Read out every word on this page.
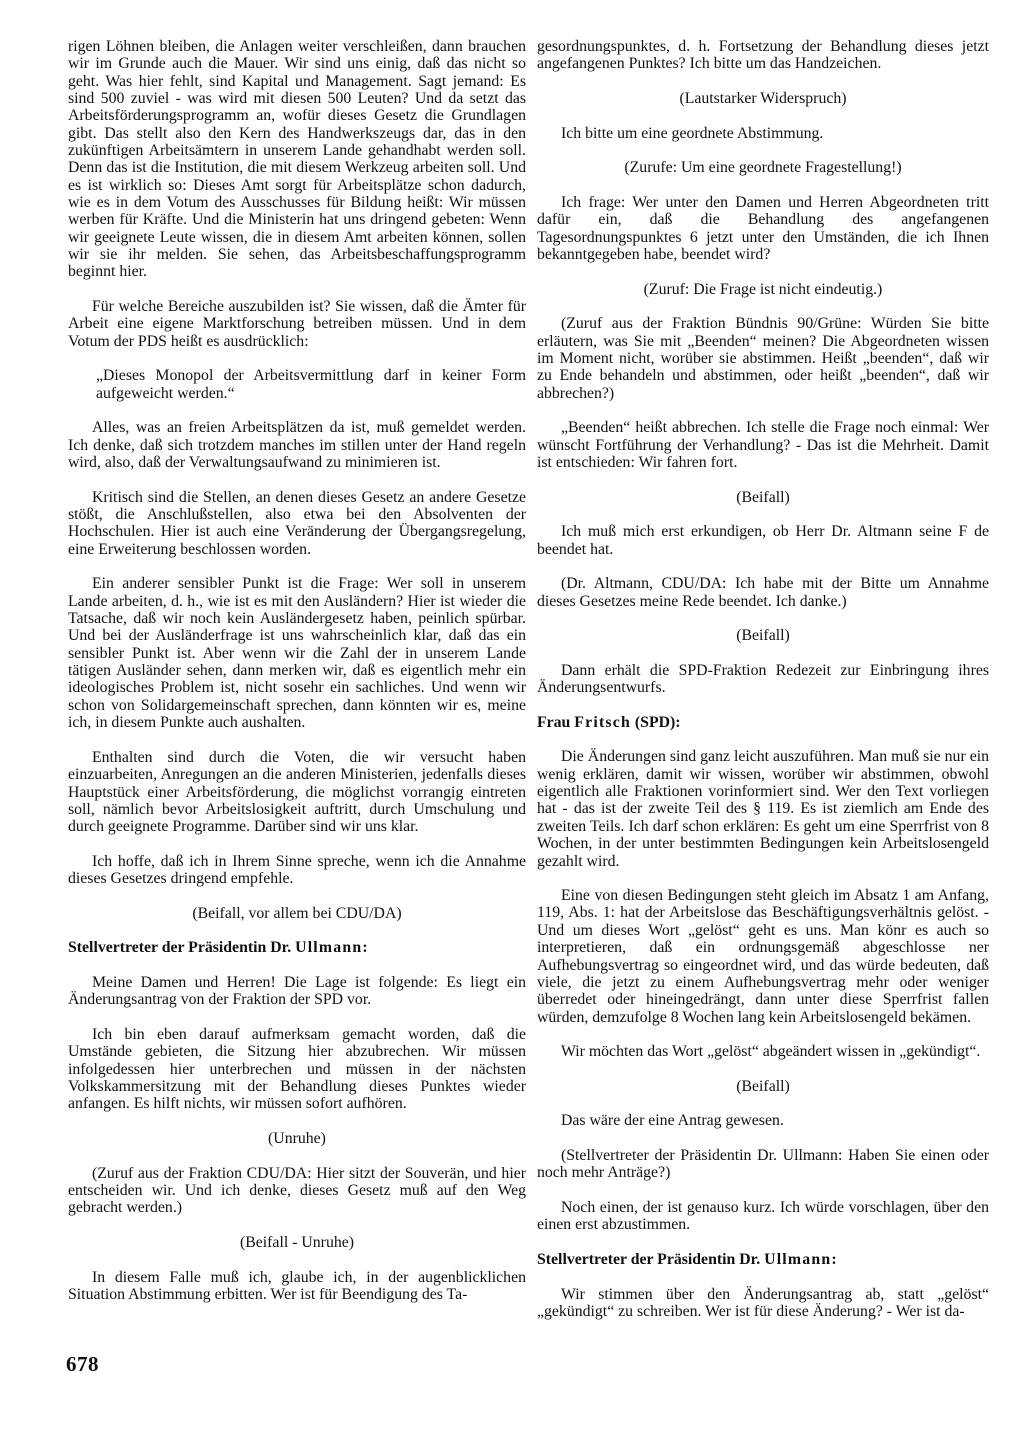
rigen Löhnen bleiben, die Anlagen weiter verschleißen, dann brauchen wir im Grunde auch die Mauer. Wir sind uns einig, daß das nicht so geht. Was hier fehlt, sind Kapital und Management. Sagt jemand: Es sind 500 zuviel - was wird mit diesen 500 Leuten? Und da setzt das Arbeitsförderungsprogramm an, wofür dieses Gesetz die Grundlagen gibt. Das stellt also den Kern des Handwerkszeugs dar, das in den zukünftigen Arbeitsämtern in unserem Lande gehandhabt werden soll. Denn das ist die Institution, die mit diesem Werkzeug arbeiten soll. Und es ist wirklich so: Dieses Amt sorgt für Arbeitsplätze schon dadurch, wie es in dem Votum des Ausschusses für Bildung heißt: Wir müssen werben für Kräfte. Und die Ministerin hat uns dringend gebeten: Wenn wir geeignete Leute wissen, die in diesem Amt arbeiten können, sollen wir sie ihr melden. Sie sehen, das Arbeitsbeschaffungsprogramm beginnt hier.

Für welche Bereiche auszubilden ist? Sie wissen, daß die Ämter für Arbeit eine eigene Marktforschung betreiben müssen. Und in dem Votum der PDS heißt es ausdrücklich:

„Dieses Monopol der Arbeitsvermittlung darf in keiner Form aufgeweicht werden.“

Alles, was an freien Arbeitsplätzen da ist, muß gemeldet werden. Ich denke, daß sich trotzdem manches im stillen unter der Hand regeln wird, also, daß der Verwaltungsaufwand zu minimieren ist.

Kritisch sind die Stellen, an denen dieses Gesetz an andere Gesetze stößt, die Anschlußstellen, also etwa bei den Absolventen der Hochschulen. Hier ist auch eine Veränderung der Übergangsregelung, eine Erweiterung beschlossen worden.

Ein anderer sensibler Punkt ist die Frage: Wer soll in unserem Lande arbeiten, d. h., wie ist es mit den Ausländern? Hier ist wieder die Tatsache, daß wir noch kein Ausländergesetz haben, peinlich spürbar. Und bei der Ausländerfrage ist uns wahrscheinlich klar, daß das ein sensibler Punkt ist. Aber wenn wir die Zahl der in unserem Lande tätigen Ausländer sehen, dann merken wir, daß es eigentlich mehr ein ideologisches Problem ist, nicht sosehr ein sachliches. Und wenn wir schon von Solidargemeinschaft sprechen, dann könnten wir es, meine ich, in diesem Punkte auch aushalten.

Enthalten sind durch die Voten, die wir versucht haben einzuarbeiten, Anregungen an die anderen Ministerien, jedenfalls dieses Hauptstück einer Arbeitsförderung, die möglichst vorrangig eintreten soll, nämlich bevor Arbeitslosigkeit auftritt, durch Umschulung und durch geeignete Programme. Darüber sind wir uns klar.

Ich hoffe, daß ich in Ihrem Sinne spreche, wenn ich die Annahme dieses Gesetzes dringend empfehle.

(Beifall, vor allem bei CDU/DA)

Stellvertreter der Präsidentin Dr. Ullmann:

Meine Damen und Herren! Die Lage ist folgende: Es liegt ein Änderungsantrag von der Fraktion der SPD vor.

Ich bin eben darauf aufmerksam gemacht worden, daß die Umstände gebieten, die Sitzung hier abzubrechen. Wir müssen infolgedessen hier unterbrechen und müssen in der nächsten Volkskammersitzung mit der Behandlung dieses Punktes wieder anfangen. Es hilft nichts, wir müssen sofort aufhören.

(Unruhe)

(Zuruf aus der Fraktion CDU/DA: Hier sitzt der Souverän, und hier entscheiden wir. Und ich denke, dieses Gesetz muß auf den Weg gebracht werden.)

(Beifall - Unruhe)

In diesem Falle muß ich, glaube ich, in der augenblicklichen Situation Abstimmung erbitten. Wer ist für Beendigung des Ta-

gesordnungspunktes, d. h. Fortsetzung der Behandlung dieses jetzt angefangenen Punktes? Ich bitte um das Handzeichen.

(Lautstarker Widerspruch)

Ich bitte um eine geordnete Abstimmung.

(Zurufe: Um eine geordnete Fragestellung!)

Ich frage: Wer unter den Damen und Herren Abgeordneten tritt dafür ein, daß die Behandlung des angefangenen Tagesordnungspunktes 6 jetzt unter den Umständen, die ich Ihnen bekanntgegeben habe, beendet wird?

(Zuruf: Die Frage ist nicht eindeutig.)

(Zuruf aus der Fraktion Bündnis 90/Grüne: Würden Sie bitte erläutern, was Sie mit „Beenden“ meinen? Die Abgeordneten wissen im Moment nicht, worüber sie abstimmen. Heißt „beenden“, daß wir zu Ende behandeln und abstimmen, oder heißt „beenden“, daß wir abbrechen?)

„Beenden“ heißt abbrechen. Ich stelle die Frage noch einmal: Wer wünscht Fortführung der Verhandlung? - Das ist die Mehrheit. Damit ist entschieden: Wir fahren fort.

(Beifall)

Ich muß mich erst erkundigen, ob Herr Dr. Altmann seine F de beendet hat.

(Dr. Altmann, CDU/DA: Ich habe mit der Bitte um Annahme dieses Gesetzes meine Rede beendet. Ich danke.)

(Beifall)

Dann erhält die SPD-Fraktion Redezeit zur Einbringung ihres Änderungsentwurfs.

Frau Fritsch (SPD):

Die Änderungen sind ganz leicht auszuführen. Man muß sie nur ein wenig erklären, damit wir wissen, worüber wir abstimmen, obwohl eigentlich alle Fraktionen vorinformiert sind. Wer den Text vorliegen hat - das ist der zweite Teil des § 119. Es ist ziemlich am Ende des zweiten Teils. Ich darf schon erklären: Es geht um eine Sperrfrist von 8 Wochen, in der unter bestimmten Bedingungen kein Arbeitslosengeld gezahlt wird.

Eine von diesen Bedingungen steht gleich im Absatz 1 am Anfang, 119, Abs. 1: hat der Arbeitslose das Beschäftigungsverhältnis gelöst. - Und um dieses Wort „gelöst“ geht es uns. Man könr es auch so interpretieren, daß ein ordnungsgemäß abgeschlosse ner Aufhebungsvertrag so eingeordnet wird, und das würde bedeuten, daß viele, die jetzt zu einem Aufhebungsvertrag mehr oder weniger überredet oder hineingedrängt, dann unter diese Sperrfrist fallen würden, demzufolge 8 Wochen lang kein Arbeitslosengeld bekämen.

Wir möchten das Wort „gelöst“ abgeändert wissen in „gekündigt“.

(Beifall)

Das wäre der eine Antrag gewesen.

(Stellvertreter der Präsidentin Dr. Ullmann: Haben Sie einen oder noch mehr Anträge?)

Noch einen, der ist genauso kurz. Ich würde vorschlagen, über den einen erst abzustimmen.

Stellvertreter der Präsidentin Dr. Ullmann:

Wir stimmen über den Änderungsantrag ab, statt „gelöst“ „gekündigt“ zu schreiben. Wer ist für diese Änderung? - Wer ist da-

678
